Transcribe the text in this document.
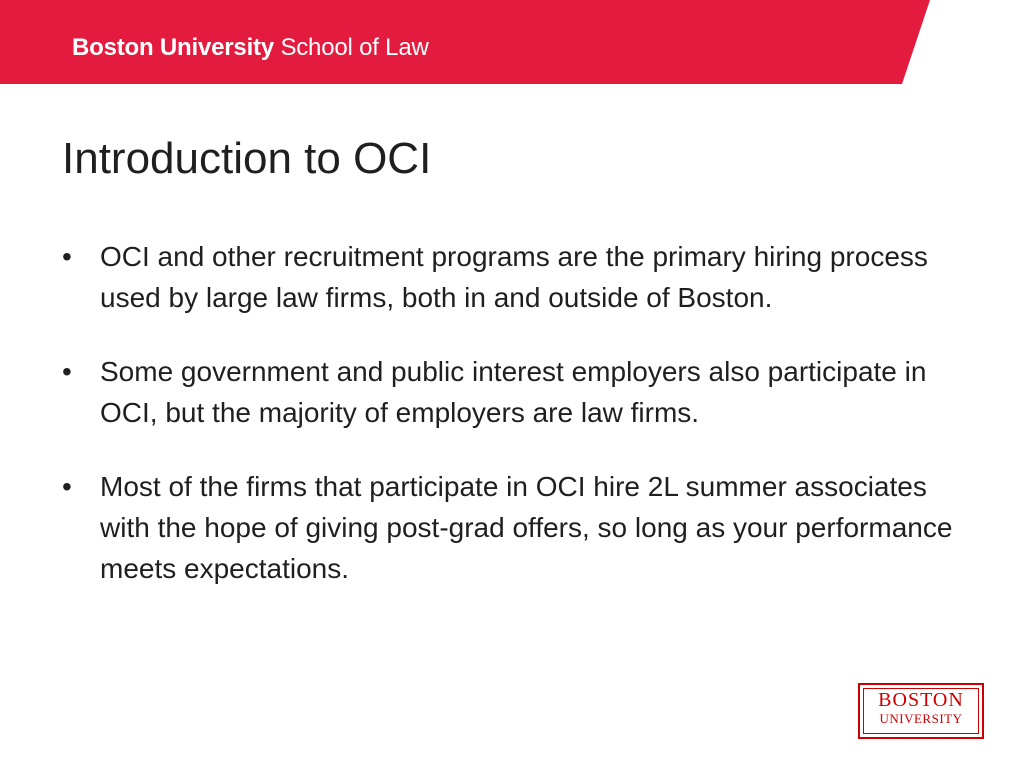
Boston University School of Law
Introduction to OCI
• OCI and other recruitment programs are the primary hiring process used by large law firms, both in and outside of Boston.
• Some government and public interest employers also participate in OCI, but the majority of employers are law firms.
• Most of the firms that participate in OCI hire 2L summer associates with the hope of giving post-grad offers, so long as your performance meets expectations.
BOSTON
UNIVERSITY
